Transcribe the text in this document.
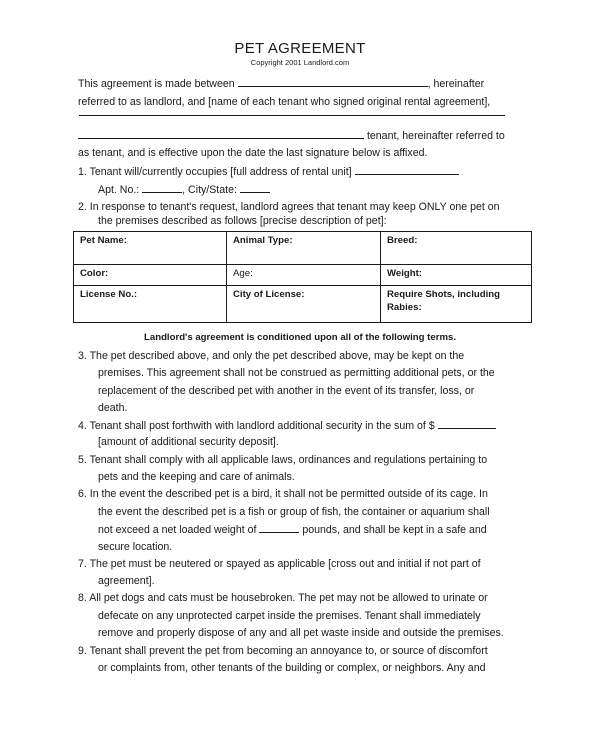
PET AGREEMENT
Copyright 2001 Landlord.com
This agreement is made between	, hereinafter
referred to as landlord, and [name of each tenant who signed original rental agreement],
tenant, hereinafter referred to
as tenant, and is effective upon the date the last signature below is affixed.
1. Tenant will/currently occupies [full address of rental unit]
Apt. No.:	, City/State:
2. In response to tenant's request, landlord agrees that tenant may keep ONLY one pet on
the premises described as follows [precise description of pet]:
Pet Name:	Animal Type:	Breed:
Color:	Age:	Weight:
License No.:	City of License:	Require Shots, including Rabies:
Landlord's agreement is conditioned upon all of the following terms.
3. The pet described above, and only the pet described above, may be kept on the
premises. This agreement shall not be construed as permitting additional pets, or the
replacement of the described pet with another in the event of its transfer, loss, or
death.
4. Tenant shall post forthwith with landlord additional security in the sum of $
[amount of additional security deposit].
5. Tenant shall comply with all applicable laws, ordinances and regulations pertaining to
pets and the keeping and care of animals.
6. In the event the described pet is a bird, it shall not be permitted outside of its cage. In
the event the described pet is a fish or group of fish, the container or aquarium shall
not exceed a net loaded weight of	pounds, and shall be kept in a safe and
secure location.
7. The pet must be neutered or spayed as applicable [cross out and initial if not part of
agreement].
8. All pet dogs and cats must be housebroken. The pet may not be allowed to urinate or
defecate on any unprotected carpet inside the premises. Tenant shall immediately
remove and properly dispose of any and all pet waste inside and outside the premises.
9. Tenant shall prevent the pet from becoming an annoyance to, or source of discomfort
or complaints from, other tenants of the building or complex, or neighbors. Any and
